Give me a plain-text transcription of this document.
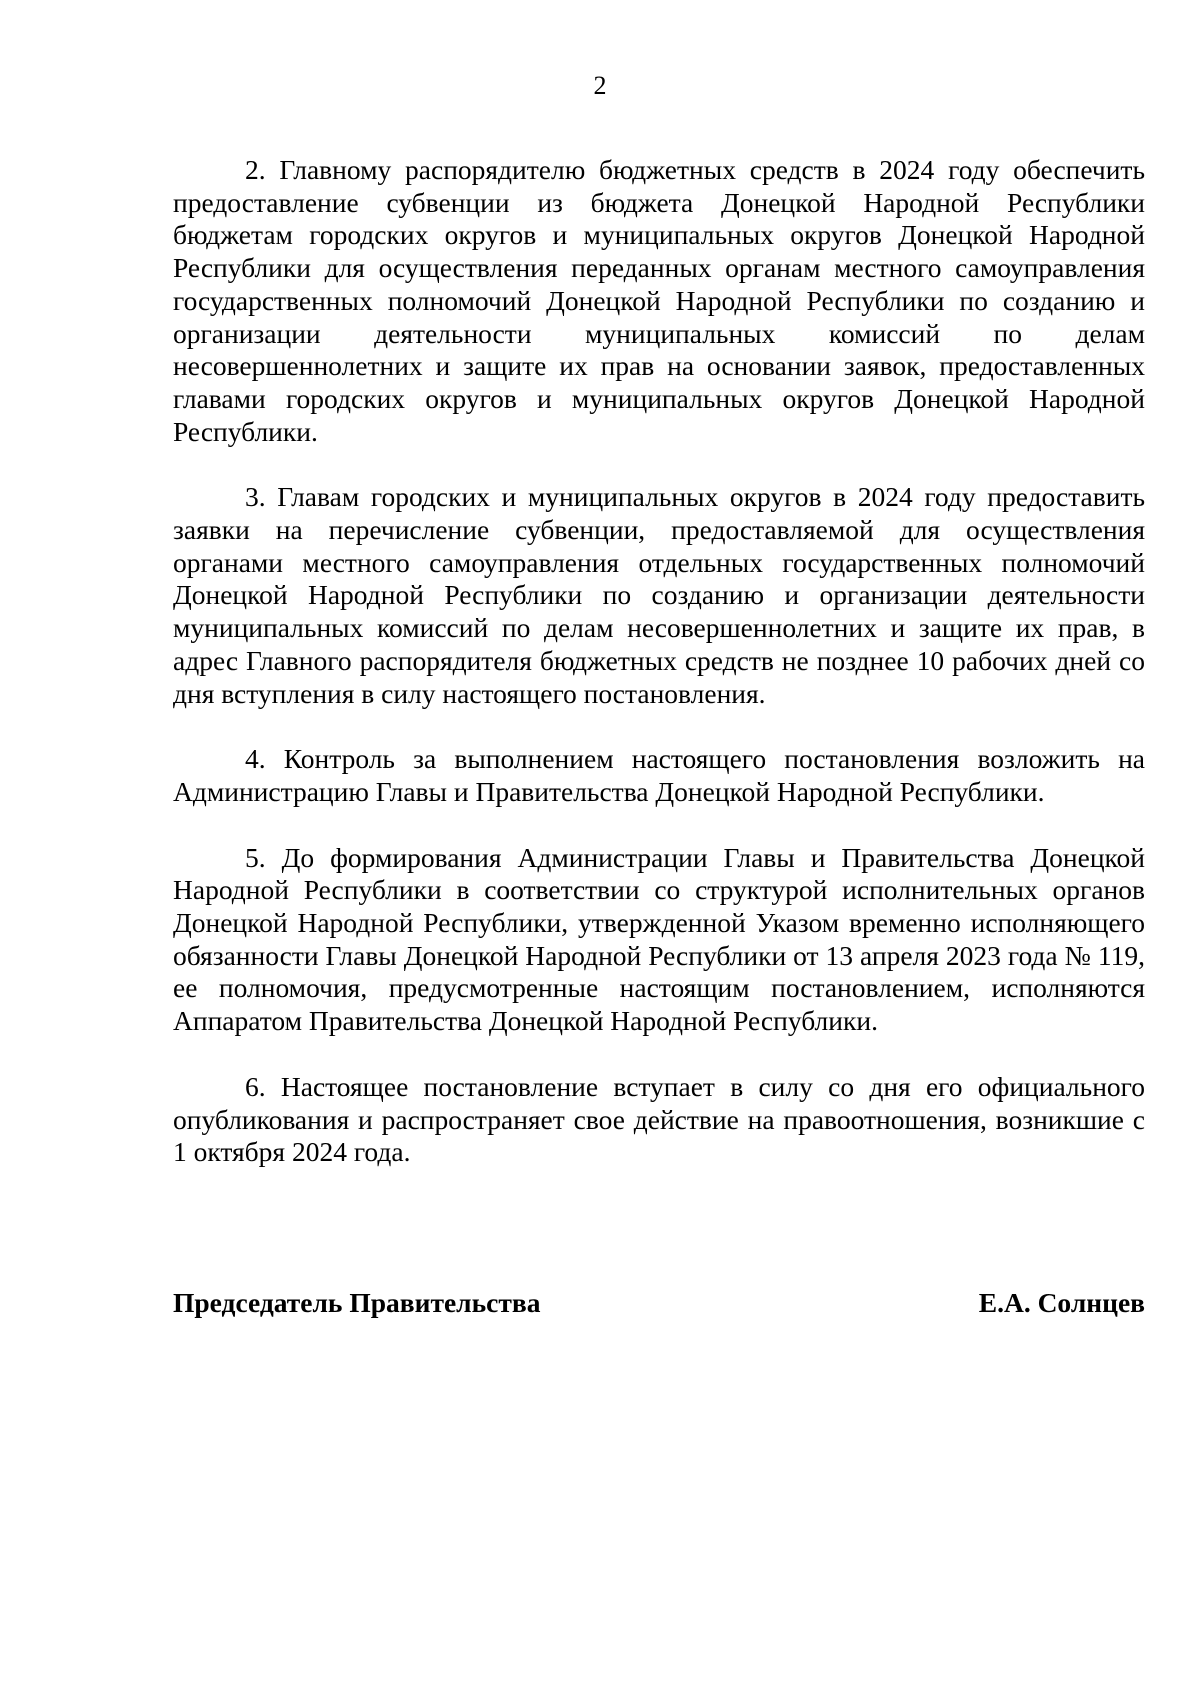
2

2. Главному распорядителю бюджетных средств в 2024 году обеспечить предоставление субвенции из бюджета Донецкой Народной Республики бюджетам городских округов и муниципальных округов Донецкой Народной Республики для осуществления переданных органам местного самоуправления государственных полномочий Донецкой Народной Республики по созданию и организации деятельности муниципальных комиссий по делам несовершеннолетних и защите их прав на основании заявок, предоставленных главами городских округов и муниципальных округов Донецкой Народной Республики.

3. Главам городских и муниципальных округов в 2024 году предоставить заявки на перечисление субвенции, предоставляемой для осуществления органами местного самоуправления отдельных государственных полномочий Донецкой Народной Республики по созданию и организации деятельности муниципальных комиссий по делам несовершеннолетних и защите их прав, в адрес Главного распорядителя бюджетных средств не позднее 10 рабочих дней со дня вступления в силу настоящего постановления.

4. Контроль за выполнением настоящего постановления возложить на Администрацию Главы и Правительства Донецкой Народной Республики.

5. До формирования Администрации Главы и Правительства Донецкой Народной Республики в соответствии со структурой исполнительных органов Донецкой Народной Республики, утвержденной Указом временно исполняющего обязанности Главы Донецкой Народной Республики от 13 апреля 2023 года № 119, ее полномочия, предусмотренные настоящим постановлением, исполняются Аппаратом Правительства Донецкой Народной Республики.

6. Настоящее постановление вступает в силу со дня его официального опубликования и распространяет свое действие на правоотношения, возникшие с 1 октября 2024 года.

Председатель Правительства	Е.А. Солнцев
